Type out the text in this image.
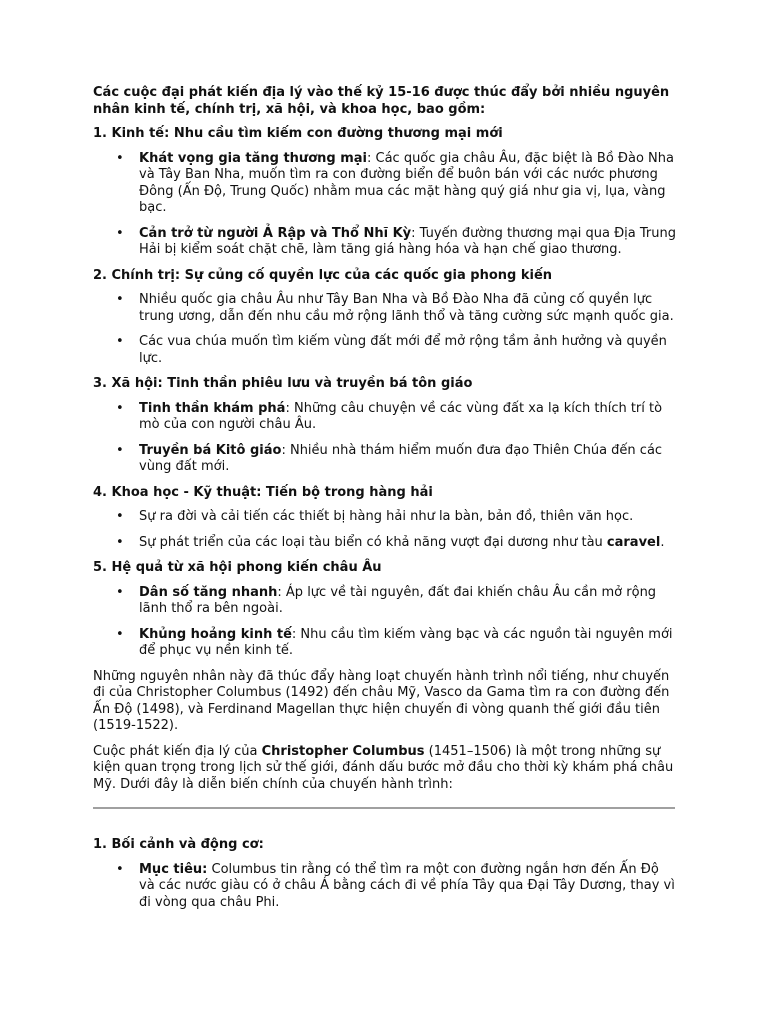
Các cuộc đại phát kiến địa lý vào thế kỷ 15-16 được thúc đẩy bởi nhiều nguyên nhân kinh tế, chính trị, xã hội, và khoa học, bao gồm:

1. Kinh tế: Nhu cầu tìm kiếm con đường thương mại mới
• Khát vọng gia tăng thương mại: Các quốc gia châu Âu, đặc biệt là Bồ Đào Nha và Tây Ban Nha, muốn tìm ra con đường biển để buôn bán với các nước phương Đông (Ấn Độ, Trung Quốc) nhằm mua các mặt hàng quý giá như gia vị, lụa, vàng bạc.
• Cản trở từ người Ả Rập và Thổ Nhĩ Kỳ: Tuyến đường thương mại qua Địa Trung Hải bị kiểm soát chặt chẽ, làm tăng giá hàng hóa và hạn chế giao thương.
2. Chính trị: Sự củng cố quyền lực của các quốc gia phong kiến
• Nhiều quốc gia châu Âu như Tây Ban Nha và Bồ Đào Nha đã củng cố quyền lực trung ương, dẫn đến nhu cầu mở rộng lãnh thổ và tăng cường sức mạnh quốc gia.
• Các vua chúa muốn tìm kiếm vùng đất mới để mở rộng tầm ảnh hưởng và quyền lực.
3. Xã hội: Tinh thần phiêu lưu và truyền bá tôn giáo
• Tinh thần khám phá: Những câu chuyện về các vùng đất xa lạ kích thích trí tò mò của con người châu Âu.
• Truyền bá Kitô giáo: Nhiều nhà thám hiểm muốn đưa đạo Thiên Chúa đến các vùng đất mới.
4. Khoa học - Kỹ thuật: Tiến bộ trong hàng hải
• Sự ra đời và cải tiến các thiết bị hàng hải như la bàn, bản đồ, thiên văn học.
• Sự phát triển của các loại tàu biển có khả năng vượt đại dương như tàu caravel.
5. Hệ quả từ xã hội phong kiến châu Âu
• Dân số tăng nhanh: Áp lực về tài nguyên, đất đai khiến châu Âu cần mở rộng lãnh thổ ra bên ngoài.
• Khủng hoảng kinh tế: Nhu cầu tìm kiếm vàng bạc và các nguồn tài nguyên mới để phục vụ nền kinh tế.

Những nguyên nhân này đã thúc đẩy hàng loạt chuyến hành trình nổi tiếng, như chuyến đi của Christopher Columbus (1492) đến châu Mỹ, Vasco da Gama tìm ra con đường đến Ấn Độ (1498), và Ferdinand Magellan thực hiện chuyến đi vòng quanh thế giới đầu tiên (1519-1522).

Cuộc phát kiến địa lý của Christopher Columbus (1451–1506) là một trong những sự kiện quan trọng trong lịch sử thế giới, đánh dấu bước mở đầu cho thời kỳ khám phá châu Mỹ. Dưới đây là diễn biến chính của chuyến hành trình:

1. Bối cảnh và động cơ:
• Mục tiêu: Columbus tin rằng có thể tìm ra một con đường ngắn hơn đến Ấn Độ và các nước giàu có ở châu Á bằng cách đi về phía Tây qua Đại Tây Dương, thay vì đi vòng qua châu Phi.
